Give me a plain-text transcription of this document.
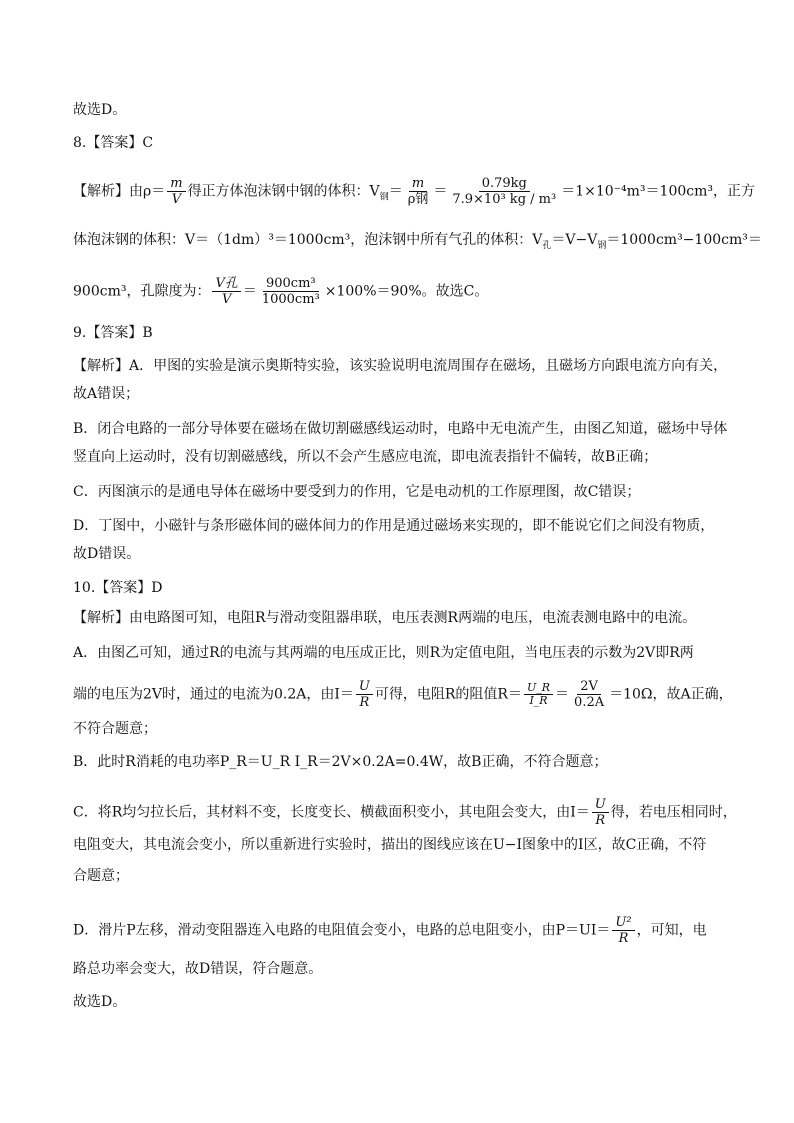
故选D。
8.【答案】C
【解析】由$\rho= \frac{m}{V}$ 得正方体泡沫钢中钢的体积：$V_钢= \frac{m}{\text{ρ钢}} = \frac{0.79kg}{\text{7.9×10³ kg / m³}} =1\times 10^{-4}m^3=100cm^3$，正方
体泡沫钢的体积：V＝（1dm）³＝1000cm³，泡沫钢中所有气孔的体积：$V_孔=V-V_钢=1000cm^3-100cm^3=$
900cm³，孔隙度为： $\frac{\text{V孔}}{V} = \frac{\text{900cm³}}{\text{1000cm³}} \times 100\%=90\%$。故选C。
9.【答案】B
【解析】A．甲图的实验是演示奥斯特实验，该实验说明电流周围存在磁场，且磁场方向跟电流方向有关，
故A错误；
B．闭合电路的一部分导体要在磁场在做切割磁感线运动时，电路中无电流产生，由图乙知道，磁场中导体
竖直向上运动时，没有切割磁感线，所以不会产生感应电流，即电流表指针不偏转，故B正确；
C．丙图演示的是通电导体在磁场中要受到力的作用，它是电动机的工作原理图，故C错误；
D．丁图中，小磁针与条形磁体间的磁体间力的作用是通过磁场来实现的，即不能说它们之间没有物质，
故D错误。
10.【答案】D
【解析】由电路图可知，电阻R与滑动变阻器串联，电压表测R两端的电压，电流表测电路中的电流。
A．由图乙可知，通过R的电流与其两端的电压成正比，则R为定值电阻，当电压表的示数为2V即R两
端的电压为2V时，通过的电流为0.2A，由$I= \frac{U}{R}$ 可得，电阻R的阻值$R= \frac{U\_R}{I\_R} = \frac{2V}{0.2A} =10\Omega$，故A正确，
不符合题意；
B．此时R消耗的电功率P_R＝U_R I_R＝2V×0.2A=0.4W，故B正确，不符合题意；
C．将R均匀拉长后，其材料不变，长度变长、横截面积变小，其电阻会变大，由$I= \frac{U}{R}$ 得，若电压相同时，
电阻变大，其电流会变小，所以重新进行实验时，描出的图线应该在U−I图象中的I区，故C正确，不符
合题意；
D．滑片P左移，滑动变阻器连入电路的电阻值会变小，电路的总电阻变小，由$P=UI= \frac{\text{U²}}{R}$ ，可知，电
路总功率会变大，故D错误，符合题意。
故选D。
